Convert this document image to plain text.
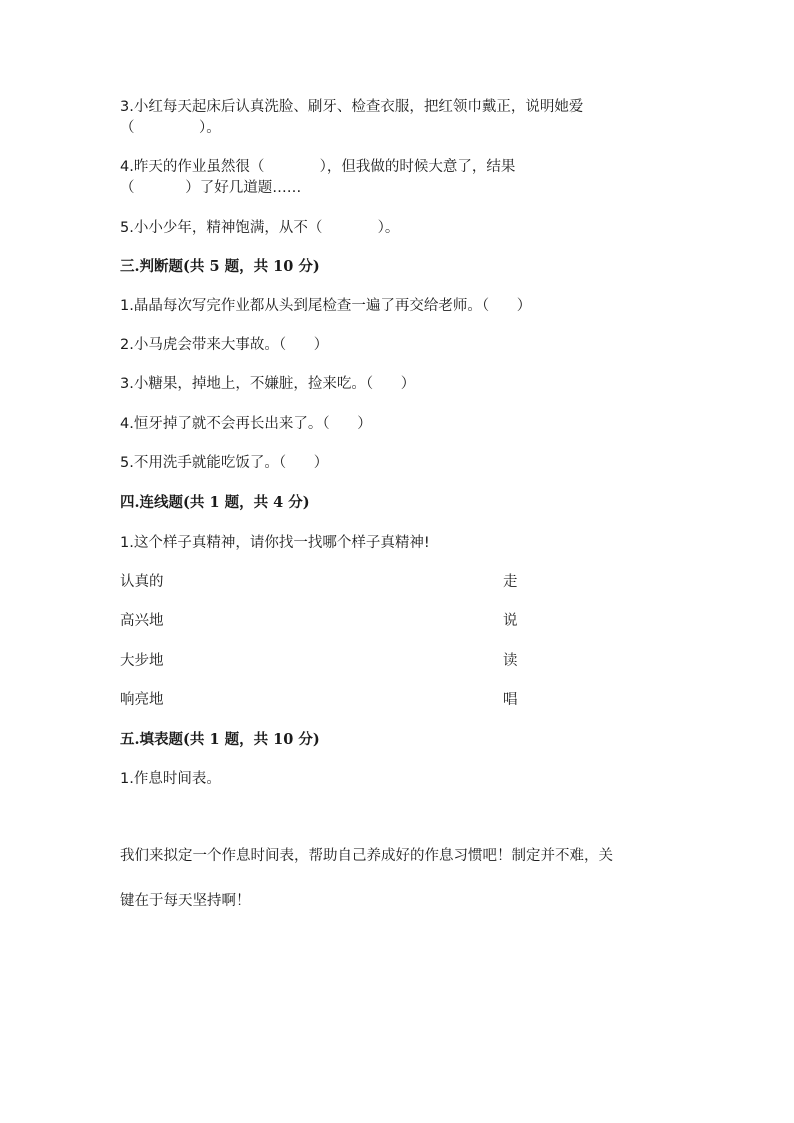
3.小红每天起床后认真洗脸、刷牙、检查衣服，把红领巾戴正，说明她爱
（              ）。
4.昨天的作业虽然很（            ），但我做的时候大意了，结果
（           ）了好几道题……
5.小小少年，精神饱满，从不（            ）。
三.判断题(共 5 题，共 10 分)
1.晶晶每次写完作业都从头到尾检查一遍了再交给老师。（      ）
2.小马虎会带来大事故。（      ）
3.小糖果，掉地上，不嫌脏，捡来吃。（      ）
4.恒牙掉了就不会再长出来了。（      ）
5.不用洗手就能吃饭了。（      ）
四.连线题(共 1 题，共 4 分)
1.这个样子真精神，请你找一找哪个样子真精神!
认真的	走
高兴地	说
大步地	读
响亮地	唱
五.填表题(共 1 题，共 10 分)
1.作息时间表。
我们来拟定一个作息时间表，帮助自己养成好的作息习惯吧！制定并不难，关
键在于每天坚持啊！
